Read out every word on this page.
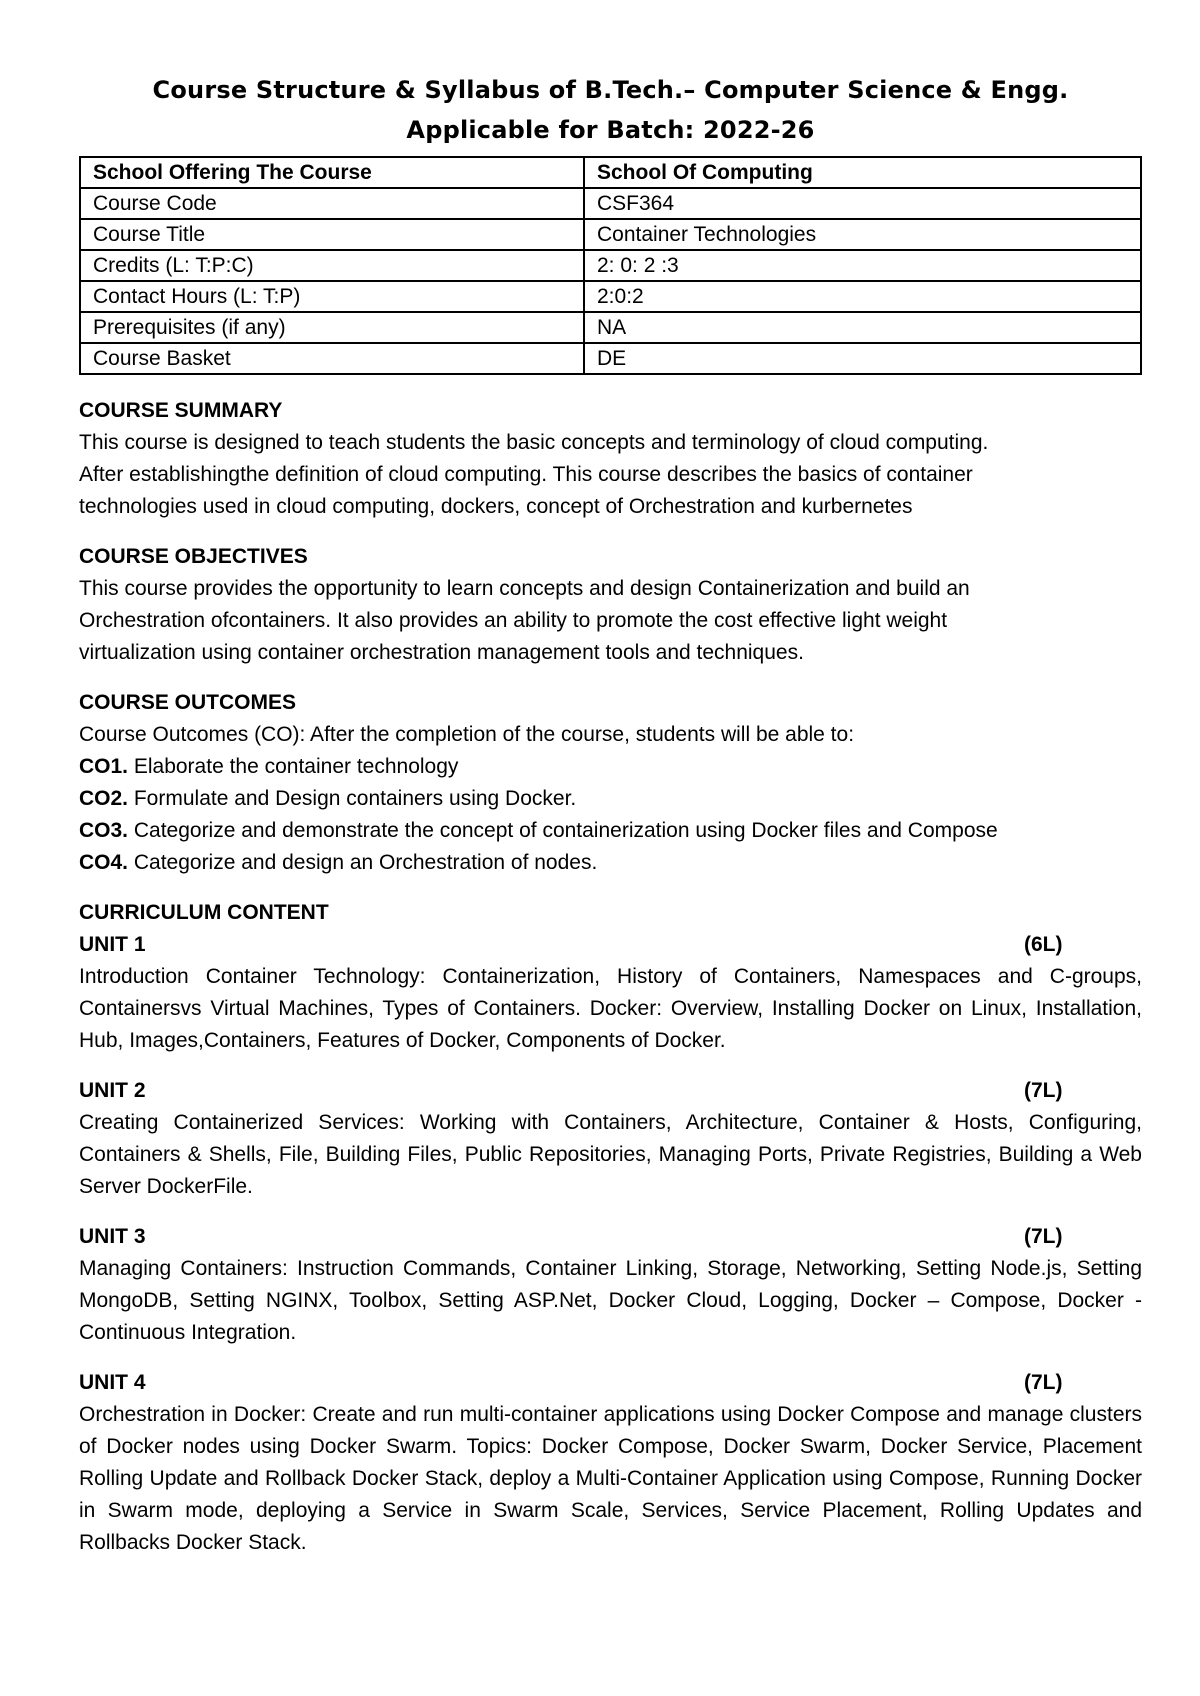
Course Structure & Syllabus of B.Tech.– Computer Science & Engg.
Applicable for Batch: 2022-26
School Offering The Course	School Of Computing
Course Code	CSF364
Course Title	Container Technologies
Credits (L: T:P:C)	2: 0: 2 :3
Contact Hours (L: T:P)	2:0:2
Prerequisites (if any)	NA
Course Basket	DE

COURSE SUMMARY

This course is designed to teach students the basic concepts and terminology of cloud computing.

After establishingthe definition of cloud computing. This course describes the basics of container

technologies used in cloud computing, dockers, concept of Orchestration and kurbernetes

COURSE OBJECTIVES

This course provides the opportunity to learn concepts and design Containerization and build an

Orchestration ofcontainers. It also provides an ability to promote the cost effective light weight

virtualization using container orchestration management tools and techniques.

COURSE OUTCOMES

Course Outcomes (CO): After the completion of the course, students will be able to:

CO1. Elaborate the container technology

CO2. Formulate and Design containers using Docker.

CO3. Categorize and demonstrate the concept of containerization using Docker files and Compose

CO4. Categorize and design an Orchestration of nodes.

CURRICULUM CONTENT

UNIT 1	(6L)

Introduction Container Technology: Containerization, History of Containers, Namespaces and C-groups, Containersvs Virtual Machines, Types of Containers. Docker: Overview, Installing Docker on Linux, Installation, Hub, Images,Containers, Features of Docker, Components of Docker.

UNIT 2	(7L)

Creating Containerized Services: Working with Containers, Architecture, Container & Hosts, Configuring, Containers & Shells, File, Building Files, Public Repositories, Managing Ports, Private Registries, Building a Web Server DockerFile.

UNIT 3	(7L)

Managing Containers: Instruction Commands, Container Linking, Storage, Networking, Setting Node.js, Setting MongoDB, Setting NGINX, Toolbox, Setting ASP.Net, Docker Cloud, Logging, Docker – Compose, Docker - Continuous Integration.

UNIT 4	(7L)

Orchestration in Docker: Create and run multi-container applications using Docker Compose and manage clusters of Docker nodes using Docker Swarm. Topics: Docker Compose, Docker Swarm, Docker Service, Placement Rolling Update and Rollback Docker Stack, deploy a Multi-Container Application using Compose, Running Docker in Swarm mode, deploying a Service in Swarm Scale, Services, Service Placement, Rolling Updates and Rollbacks Docker Stack.
